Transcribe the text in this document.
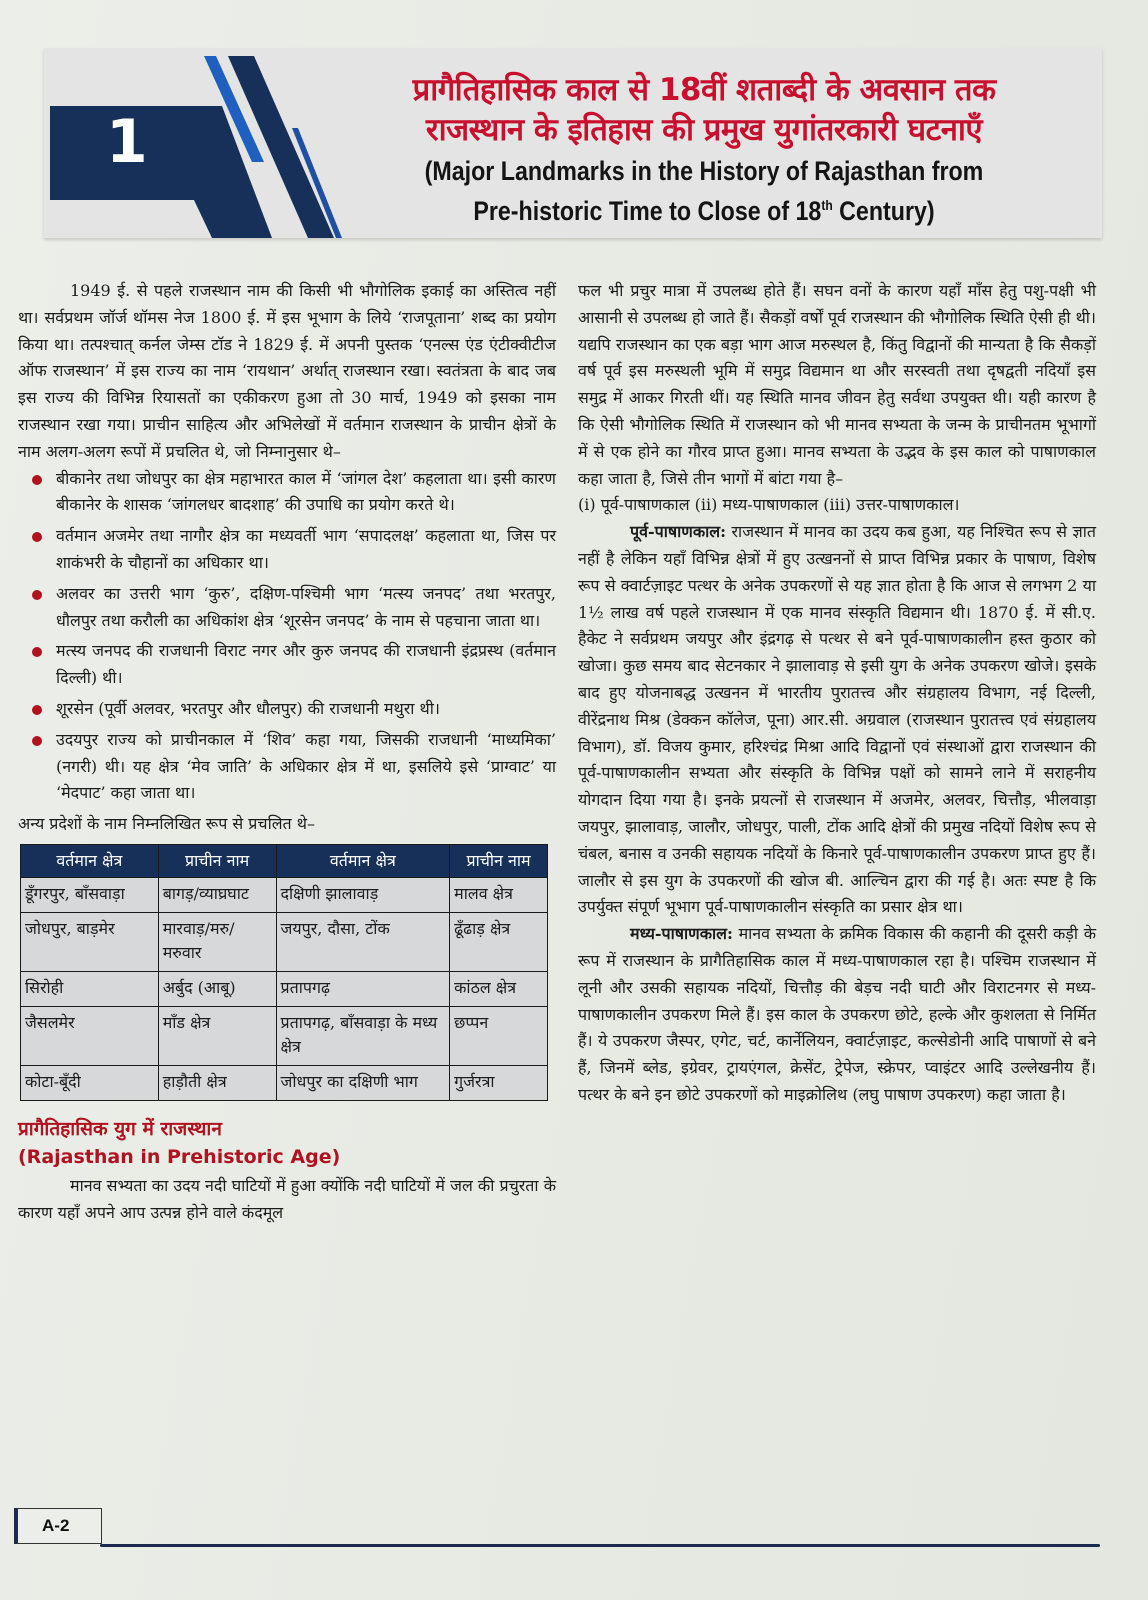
1
प्रागैतिहासिक काल से 18वीं शताब्दी के अवसान तक
राजस्थान के इतिहास की प्रमुख युगांतरकारी घटनाएँ
(Major Landmarks in the History of Rajasthan from
Pre-historic Time to Close of 18th Century)

1949 ई. से पहले राजस्थान नाम की किसी भी भौगोलिक इकाई का अस्तित्व नहीं था। सर्वप्रथम जॉर्ज थॉमस नेज 1800 ई. में इस भूभाग के लिये ‘राजपूताना’ शब्द का प्रयोग किया था। तत्पश्चात् कर्नल जेम्स टॉड ने 1829 ई. में अपनी पुस्तक ‘एनल्स एंड एंटीक्वीटीज ऑफ राजस्थान’ में इस राज्य का नाम ‘रायथान’ अर्थात् राजस्थान रखा। स्वतंत्रता के बाद जब इस राज्य की विभिन्न रियासतों का एकीकरण हुआ तो 30 मार्च, 1949 को इसका नाम राजस्थान रखा गया। प्राचीन साहित्य और अभिलेखों में वर्तमान राजस्थान के प्राचीन क्षेत्रों के नाम अलग-अलग रूपों में प्रचलित थे, जो निम्नानुसार थे–

बीकानेर तथा जोधपुर का क्षेत्र महाभारत काल में ‘जांगल देश’ कहलाता था। इसी कारण बीकानेर के शासक ‘जांगलधर बादशाह’ की उपाधि का प्रयोग करते थे।
वर्तमान अजमेर तथा नागौर क्षेत्र का मध्यवर्ती भाग ‘सपादलक्ष’ कहलाता था, जिस पर शाकंभरी के चौहानों का अधिकार था।
अलवर का उत्तरी भाग ‘कुरु’, दक्षिण-पश्चिमी भाग ‘मत्स्य जनपद’ तथा भरतपुर, धौलपुर तथा करौली का अधिकांश क्षेत्र ‘शूरसेन जनपद’ के नाम से पहचाना जाता था।
मत्स्य जनपद की राजधानी विराट नगर और कुरु जनपद की राजधानी इंद्रप्रस्थ (वर्तमान दिल्ली) थी।
शूरसेन (पूर्वी अलवर, भरतपुर और धौलपुर) की राजधानी मथुरा थी।
उदयपुर राज्य को प्राचीनकाल में ‘शिव’ कहा गया, जिसकी राजधानी ‘माध्यमिका’ (नगरी) थी। यह क्षेत्र ‘मेव जाति’ के अधिकार क्षेत्र में था, इसलिये इसे ‘प्राग्वाट’ या ‘मेदपाट’ कहा जाता था।

अन्य प्रदेशों के नाम निम्नलिखित रूप से प्रचलित थे–

वर्तमान क्षेत्र	प्राचीन नाम	वर्तमान क्षेत्र	प्राचीन नाम
डूँगरपुर, बाँसवाड़ा	बागड़/व्याघ्रघाट	दक्षिणी झालावाड़	मालव क्षेत्र
जोधपुर, बाड़मेर	मारवाड़/मरु/ मरुवार	जयपुर, दौसा, टोंक	ढूँढाड़ क्षेत्र
सिरोही	अर्बुद (आबू)	प्रतापगढ़	कांठल क्षेत्र
जैसलमेर	माँड क्षेत्र	प्रतापगढ़, बाँसवाड़ा के मध्य क्षेत्र	छप्पन
कोटा-बूँदी	हाड़ौती क्षेत्र	जोधपुर का दक्षिणी भाग	गुर्जरत्रा
प्रागैतिहासिक युग में राजस्थान
(Rajasthan in Prehistoric Age)

मानव सभ्यता का उदय नदी घाटियों में हुआ क्योंकि नदी घाटियों में जल की प्रचुरता के कारण यहाँ अपने आप उत्पन्न होने वाले कंदमूल

फल भी प्रचुर मात्रा में उपलब्ध होते हैं। सघन वनों के कारण यहाँ माँस हेतु पशु-पक्षी भी आसानी से उपलब्ध हो जाते हैं। सैकड़ों वर्षों पूर्व राजस्थान की भौगोलिक स्थिति ऐसी ही थी। यद्यपि राजस्थान का एक बड़ा भाग आज मरुस्थल है, किंतु विद्वानों की मान्यता है कि सैकड़ों वर्ष पूर्व इस मरुस्थली भूमि में समुद्र विद्यमान था और सरस्वती तथा दृषद्वती नदियाँ इस समुद्र में आकर गिरती थीं। यह स्थिति मानव जीवन हेतु सर्वथा उपयुक्त थी। यही कारण है कि ऐसी भौगोलिक स्थिति में राजस्थान को भी मानव सभ्यता के जन्म के प्राचीनतम भूभागों में से एक होने का गौरव प्राप्त हुआ। मानव सभ्यता के उद्भव के इस काल को पाषाणकाल कहा जाता है, जिसे तीन भागों में बांटा गया है–

(i) पूर्व-पाषाणकाल (ii) मध्य-पाषाणकाल (iii) उत्तर-पाषाणकाल।

पूर्व-पाषाणकाल: राजस्थान में मानव का उदय कब हुआ, यह निश्चित रूप से ज्ञात नहीं है लेकिन यहाँ विभिन्न क्षेत्रों में हुए उत्खननों से प्राप्त विभिन्न प्रकार के पाषाण, विशेष रूप से क्वार्टज़ाइट पत्थर के अनेक उपकरणों से यह ज्ञात होता है कि आज से लगभग 2 या 1½ लाख वर्ष पहले राजस्थान में एक मानव संस्कृति विद्यमान थी। 1870 ई. में सी.ए. हैकेट ने सर्वप्रथम जयपुर और इंद्रगढ़ से पत्थर से बने पूर्व-पाषाणकालीन हस्त कुठार को खोजा। कुछ समय बाद सेटनकार ने झालावाड़ से इसी युग के अनेक उपकरण खोजे। इसके बाद हुए योजनाबद्ध उत्खनन में भारतीय पुरातत्त्व और संग्रहालय विभाग, नई दिल्ली, वीरेंद्रनाथ मिश्र (डेक्कन कॉलेज, पूना) आर.सी. अग्रवाल (राजस्थान पुरातत्त्व एवं संग्रहालय विभाग), डॉ. विजय कुमार, हरिश्चंद्र मिश्रा आदि विद्वानों एवं संस्थाओं द्वारा राजस्थान की पूर्व-पाषाणकालीन सभ्यता और संस्कृति के विभिन्न पक्षों को सामने लाने में सराहनीय योगदान दिया गया है। इनके प्रयत्नों से राजस्थान में अजमेर, अलवर, चित्तौड़, भीलवाड़ा जयपुर, झालावाड़, जालौर, जोधपुर, पाली, टोंक आदि क्षेत्रों की प्रमुख नदियों विशेष रूप से चंबल, बनास व उनकी सहायक नदियों के किनारे पूर्व-पाषाणकालीन उपकरण प्राप्त हुए हैं। जालौर से इस युग के उपकरणों की खोज बी. आल्चिन द्वारा की गई है। अतः स्पष्ट है कि उपर्युक्त संपूर्ण भूभाग पूर्व-पाषाणकालीन संस्कृति का प्रसार क्षेत्र था।

मध्य-पाषाणकाल: मानव सभ्यता के क्रमिक विकास की कहानी की दूसरी कड़ी के रूप में राजस्थान के प्रागैतिहासिक काल में मध्य-पाषाणकाल रहा है। पश्चिम राजस्थान में लूनी और उसकी सहायक नदियों, चित्तौड़ की बेड़च नदी घाटी और विराटनगर से मध्य-पाषाणकालीन उपकरण मिले हैं। इस काल के उपकरण छोटे, हल्के और कुशलता से निर्मित हैं। ये उपकरण जैस्पर, एगेट, चर्ट, कार्नेलियन, क्वार्टज़ाइट, कल्सेडोनी आदि पाषाणों से बने हैं, जिनमें ब्लेड, इग्रेवर, ट्रायएंगल, क्रेसेंट, ट्रेपेज, स्क्रेपर, प्वाइंटर आदि उल्लेखनीय हैं। पत्थर के बने इन छोटे उपकरणों को माइक्रोलिथ (लघु पाषाण उपकरण) कहा जाता है।

A-2
